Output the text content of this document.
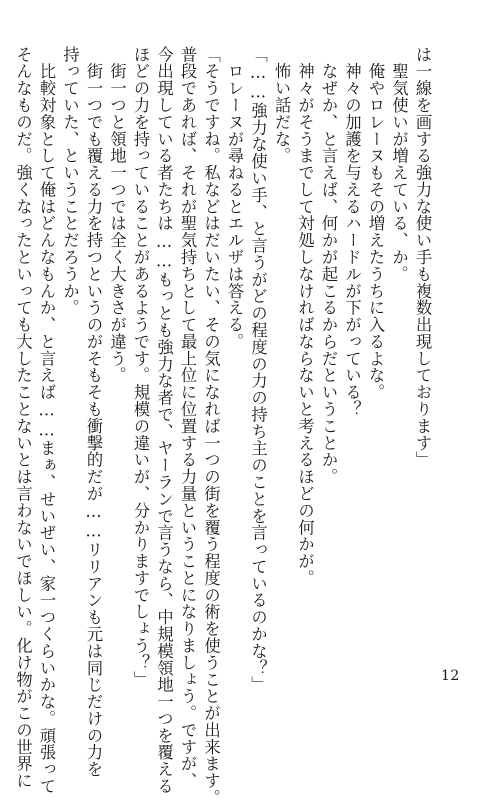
は一線を画する強力な使い手も複数出現しております」
　聖気使いが増えている、か。
　俺やロレーヌもその増えたうちに入るよな。
　神々の加護を与えるハードルが下がっている？
　なぜか、と言えば、何かが起こるからだということか。
　神々がそうまでして対処しなければならないと考えるほどの何かが。
　怖い話だな。
「……強力な使い手、と言うがどの程度の力の持ち主のことを言っているのかな？」
　ロレーヌが尋ねるとエルザは答える。
「そうですね。私などはだいたい、その気になれば一つの街を覆う程度の術を使うことが出来ます。
普段であれば、それが聖気持ちとして最上位に位置する力量ということになりましょう。ですが、
今出現している者たちは……もっとも強力な者で、ヤーランで言うなら、中規模領地一つを覆える
ほどの力を持っていることがあるようです。規模の違いが、分かりますでしょう？」
　街一つと領地一つでは全く大きさが違う。
　街一つでも覆える力を持つというのがそもそも衝撃的だが……リリアンも元は同じだけの力を
持っていた、ということだろうか。
　比較対象として俺はどんなもんか、と言えば……まぁ、せいぜい、家一つくらいかな。頑張って
そんなものだ。強くなったといっても大したことないとは言わないでほしい。化け物がこの世界に	12
